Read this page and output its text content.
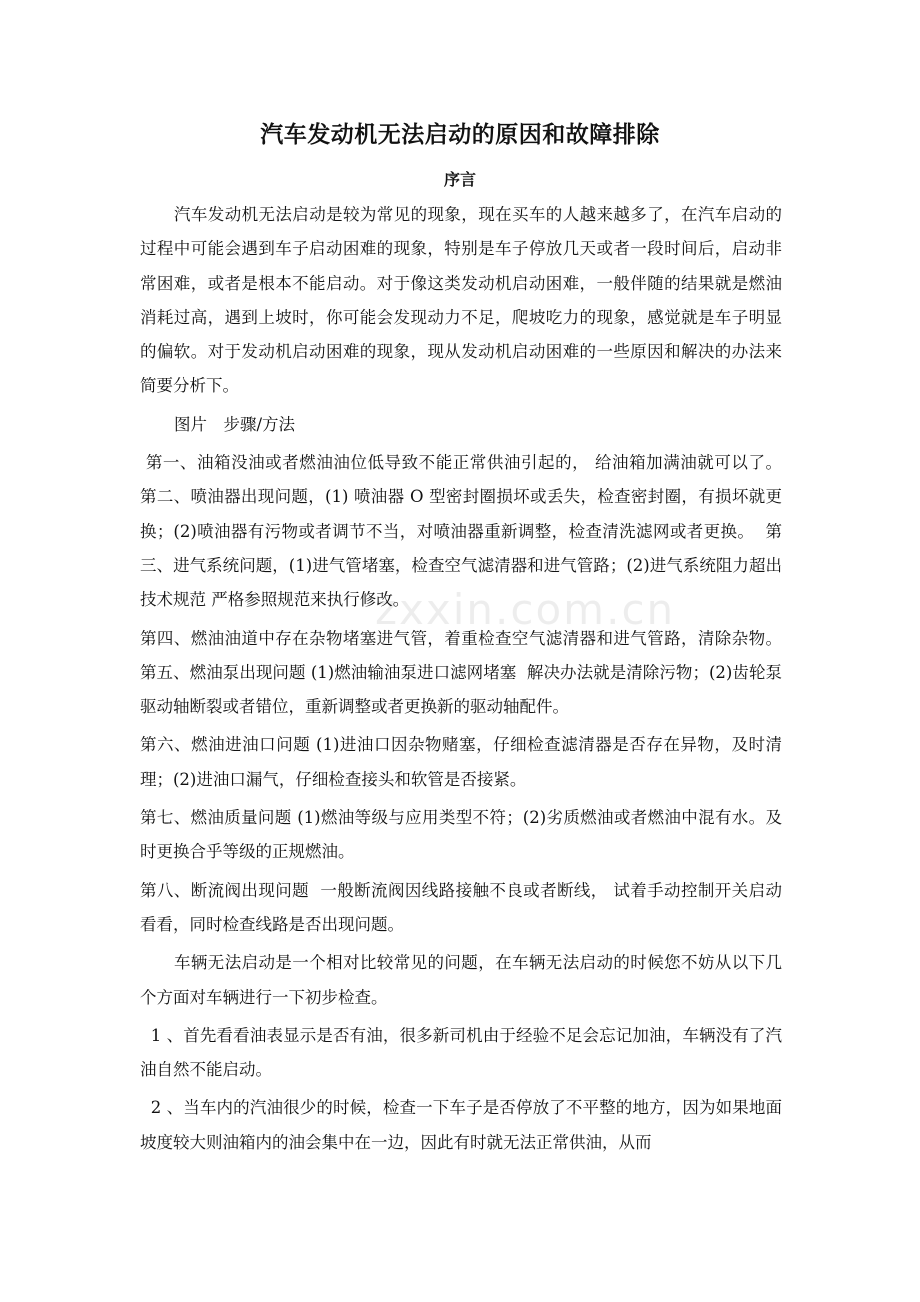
zxxin.com.cn
汽车发动机无法启动的原因和故障排除
序言

汽车发动机无法启动是较为常见的现象，现在买车的人越来越多了，在汽车启动的过程中可能会遇到车子启动困难的现象，特别是车子停放几天或者一段时间后，启动非常困难，或者是根本不能启动。对于像这类发动机启动困难，一般伴随的结果就是燃油消耗过高，遇到上坡时，你可能会发现动力不足，爬坡吃力的现象，感觉就是车子明显的偏软。对于发动机启动困难的现象，现从发动机启动困难的一些原因和解决的办法来简要分析下。

图片　步骤/方法

第一、油箱没油或者燃油油位低导致不能正常供油引起的， 给油箱加满油就可以了。  第二、喷油器出现问题，(1) 喷油器 O 型密封圈损坏或丢失，检查密封圈，有损坏就更换；(2)喷油器有污物或者调节不当，对喷油器重新调整，检查清洗滤网或者更换。  第三、进气系统问题，(1)进气管堵塞，检查空气滤清器和进气管路；(2)进气系统阻力超出技术规范 严格参照规范来执行修改。

第四、燃油油道中存在杂物堵塞进气管，着重检查空气滤清器和进气管路，清除杂物。  第五、燃油泵出现问题 (1)燃油输油泵进口滤网堵塞  解决办法就是清除污物；(2)齿轮泵驱动轴断裂或者错位，重新调整或者更换新的驱动轴配件。

第六、燃油进油口问题 (1)进油口因杂物赌塞，仔细检查滤清器是否存在异物，及时清理；(2)进油口漏气，仔细检查接头和软管是否接紧。

第七、燃油质量问题 (1)燃油等级与应用类型不符；(2)劣质燃油或者燃油中混有水。及时更换合乎等级的正规燃油。

第八、断流阀出现问题  一般断流阀因线路接触不良或者断线， 试着手动控制开关启动看看，同时检查线路是否出现问题。

车辆无法启动是一个相对比较常见的问题，在车辆无法启动的时候您不妨从以下几个方面对车辆进行一下初步检查。

1 、首先看看油表显示是否有油，很多新司机由于经验不足会忘记加油，车辆没有了汽油自然不能启动。

2 、当车内的汽油很少的时候，检查一下车子是否停放了不平整的地方，因为如果地面坡度较大则油箱内的油会集中在一边，因此有时就无法正常供油，从而
